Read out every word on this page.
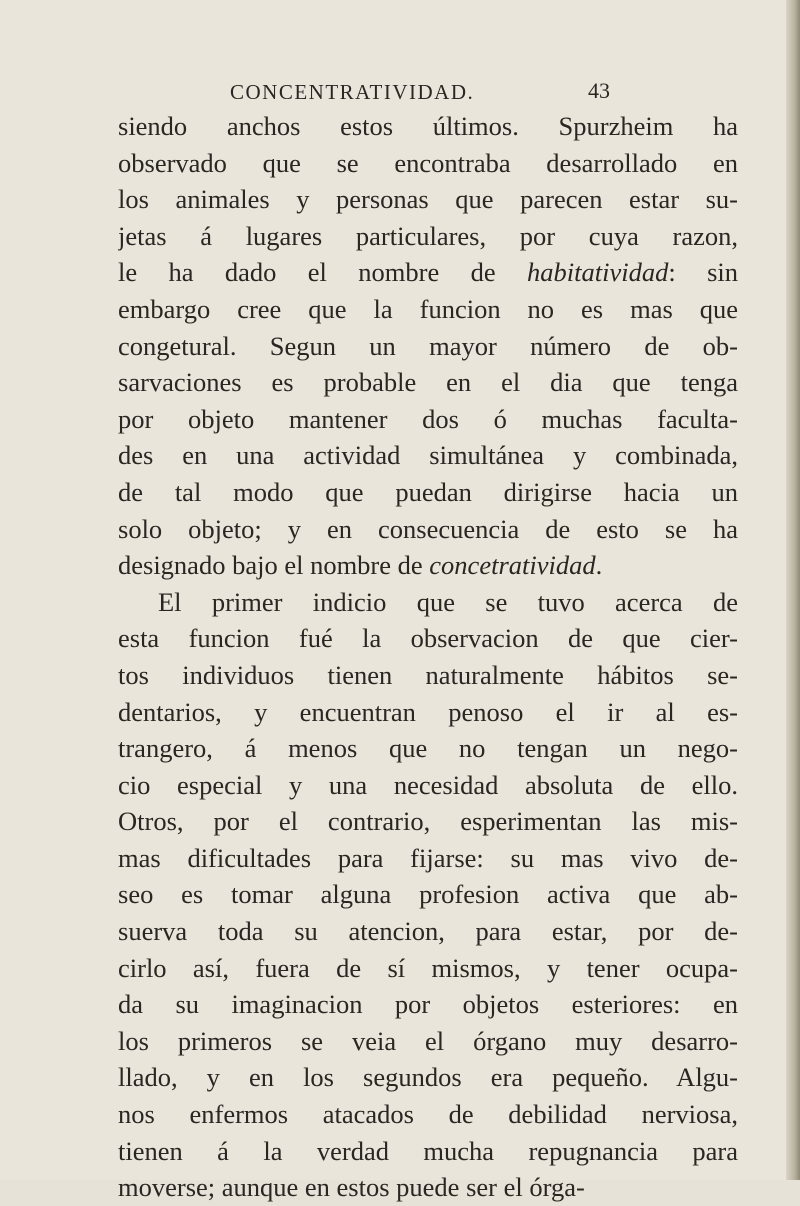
CONCENTRATIVIDAD.	43
siendo anchos estos últimos. Spurzheim ha
observado que se encontraba desarrollado en
los animales y personas que parecen estar su-
jetas á lugares particulares, por cuya razon,
le ha dado el nombre de habitatividad: sin
embargo cree que la funcion no es mas que
congetural. Segun un mayor número de ob-
sarvaciones es probable en el dia que tenga
por objeto mantener dos ó muchas faculta-
des en una actividad simultánea y combinada,
de tal modo que puedan dirigirse hacia un
solo objeto; y en consecuencia de esto se ha
designado bajo el nombre de concetratividad.
El primer indicio que se tuvo acerca de
esta funcion fué la observacion de que cier-
tos individuos tienen naturalmente hábitos se-
dentarios, y encuentran penoso el ir al es-
trangero, á menos que no tengan un nego-
cio especial y una necesidad absoluta de ello.
Otros, por el contrario, esperimentan las mis-
mas dificultades para fijarse: su mas vivo de-
seo es tomar alguna profesion activa que ab-
suerva toda su atencion, para estar, por de-
cirlo así, fuera de sí mismos, y tener ocupa-
da su imaginacion por objetos esteriores: en
los primeros se veia el órgano muy desarro-
llado, y en los segundos era pequeño. Algu-
nos enfermos atacados de debilidad nerviosa,
tienen á la verdad mucha repugnancia para
moverse; aunque en estos puede ser el órga-
